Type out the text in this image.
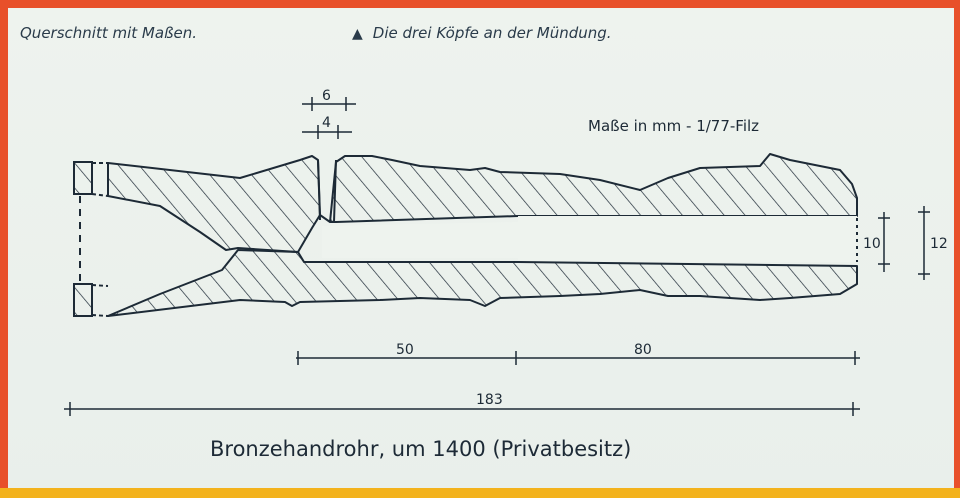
Querschnitt mit Maßen.	▲ Die drei Köpfe an der Mündung.
6
4	Maße in mm - 1/77-Filz
10	12
50	80
183
Bronzehandrohr, um 1400 (Privatbesitz)
